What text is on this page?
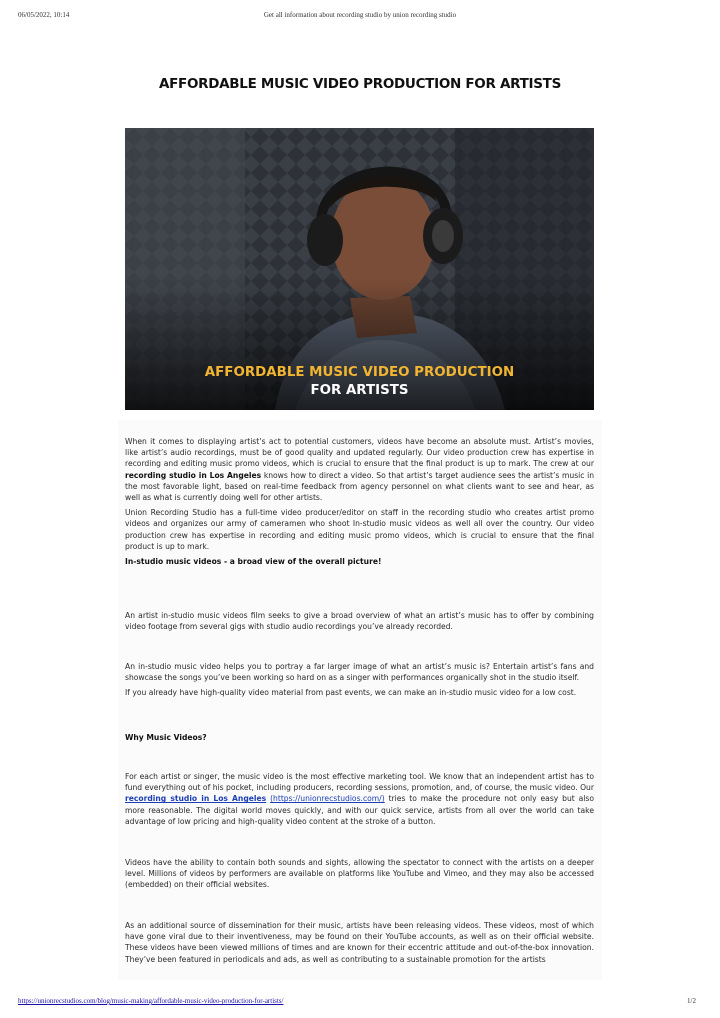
06/05/2022, 10:14	Get all information about recording studio by union recording studio
AFFORDABLE MUSIC VIDEO PRODUCTION FOR ARTISTS
AFFORDABLE MUSIC VIDEO PRODUCTION
FOR ARTISTS

When it comes to displaying artist’s act to potential customers, videos have become an absolute must. Artist’s movies, like artist’s audio recordings, must be of good quality and updated regularly. Our video production crew has expertise in recording and editing music promo videos, which is crucial to ensure that the final product is up to mark. The crew at our recording studio in Los Angeles knows how to direct a video. So that artist’s target audience sees the artist’s music in the most favorable light, based on real-time feedback from agency personnel on what clients want to see and hear, as well as what is currently doing well for other artists.

Union Recording Studio has a full-time video producer/editor on staff in the recording studio who creates artist promo videos and organizes our army of cameramen who shoot In-studio music videos as well all over the country. Our video production crew has expertise in recording and editing music promo videos, which is crucial to ensure that the final product is up to mark.

In-studio music videos - a broad view of the overall picture!

An artist in-studio music videos film seeks to give a broad overview of what an artist’s music has to offer by combining video footage from several gigs with studio audio recordings you’ve already recorded.

An in-studio music video helps you to portray a far larger image of what an artist’s music is? Entertain artist’s fans and showcase the songs you’ve been working so hard on as a singer with performances organically shot in the studio itself.

If you already have high-quality video material from past events, we can make an in-studio music video for a low cost.

Why Music Videos?

For each artist or singer, the music video is the most effective marketing tool. We know that an independent artist has to fund everything out of his pocket, including producers, recording sessions, promotion, and, of course, the music video. Our recording studio in Los Angeles (https://unionrecstudios.com/) tries to make the procedure not only easy but also more reasonable. The digital world moves quickly, and with our quick service, artists from all over the world can take advantage of low pricing and high-quality video content at the stroke of a button.

Videos have the ability to contain both sounds and sights, allowing the spectator to connect with the artists on a deeper level. Millions of videos by performers are available on platforms like YouTube and Vimeo, and they may also be accessed (embedded) on their official websites.

As an additional source of dissemination for their music, artists have been releasing videos. These videos, most of which have gone viral due to their inventiveness, may be found on their YouTube accounts, as well as on their official website. These videos have been viewed millions of times and are known for their eccentric attitude and out-of-the-box innovation. They’ve been featured in periodicals and ads, as well as contributing to a sustainable promotion for the artists

https://unionrecstudios.com/blog/music-making/affordable-music-video-production-for-artists/	1/2
